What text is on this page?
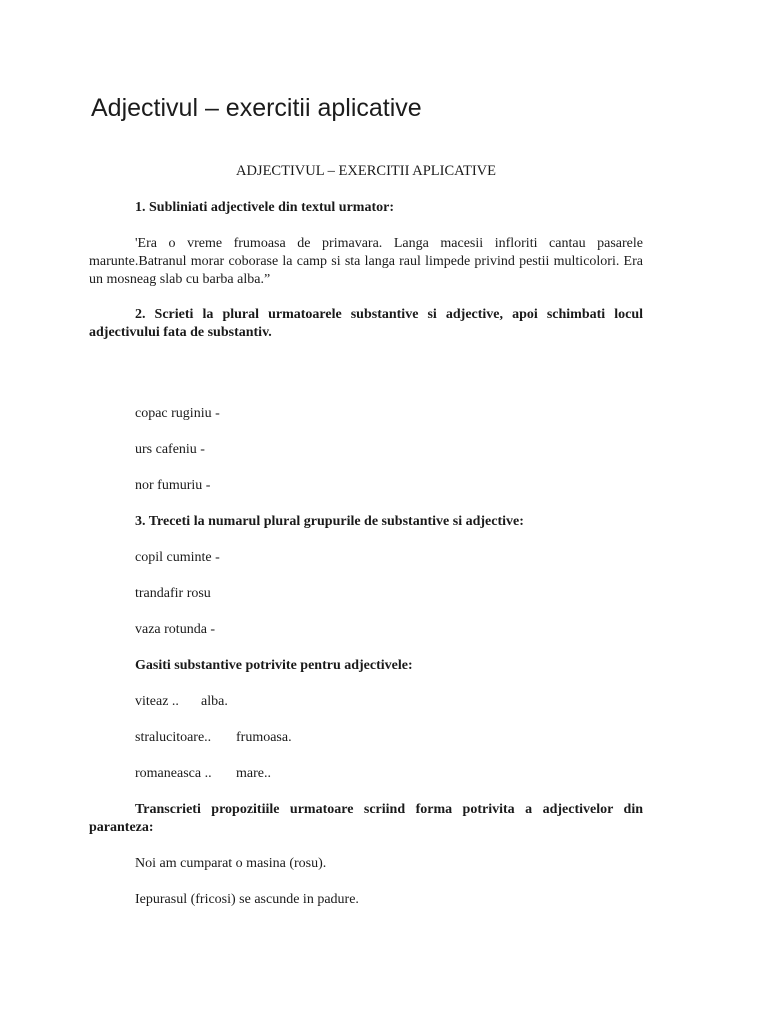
Adjectivul – exercitii aplicative
ADJECTIVUL – EXERCITII APLICATIVE

1. Subliniati adjectivele din textul urmator:

'Era o vreme frumoasa de primavara. Langa macesii infloriti cantau pasarele marunte.Batranul morar coborase la camp si sta langa raul limpede privind pestii multicolori. Era un mosneag slab cu barba alba.”

2. Scrieti la plural urmatoarele substantive si adjective, apoi schimbati locul adjectivului fata de substantiv.

copac ruginiu -

urs cafeniu -

nor fumuriu -

3. Treceti la numarul plural grupurile de substantive si adjective:

copil cuminte -

trandafir rosu

vaza rotunda -

Gasiti substantive potrivite pentru adjectivele:

viteaz .. alba.
stralucitoare.. frumoasa.
romaneasca .. mare..

Transcrieti propozitiile urmatoare scriind forma potrivita a adjectivelor din paranteza:

Noi am cumparat o masina (rosu).

Iepurasul (fricosi) se ascunde in padure.
